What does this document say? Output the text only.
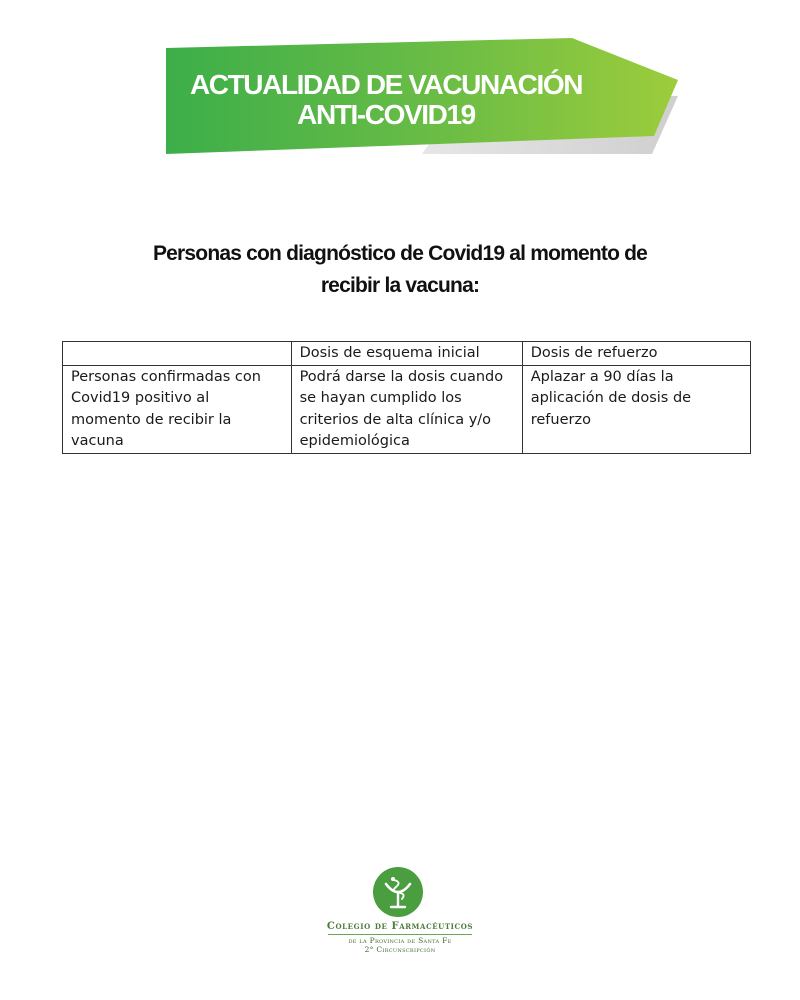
ACTUALIDAD DE VACUNACIÓN
ANTI-COVID19
Personas con diagnóstico de Covid19 al momento de
recibir la vacuna:
	Dosis de esquema inicial	Dosis de refuerzo
Personas confirmadas con Covid19 positivo al momento de recibir la vacuna	Podrá darse la dosis cuando se hayan cumplido los criterios de alta clínica y/o epidemiológica	Aplazar a 90 días la aplicación de dosis de refuerzo

Colegio de Farmacéuticos

de la Provincia de Santa Fe

2° Circunscripción
